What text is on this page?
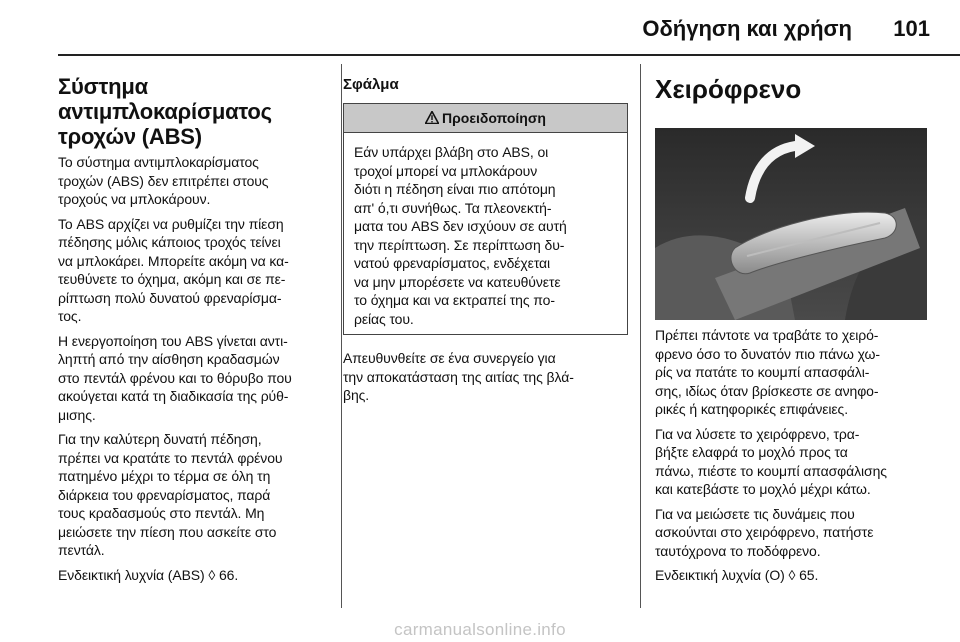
Οδήγηση και χρήση 101
Σύστημα αντιμπλοκαρίσματος τροχών (ABS)

Το σύστημα αντιμπλοκαρίσματος
τροχών (ABS) δεν επιτρέπει στους
τροχούς να μπλοκάρουν.

Το ABS αρχίζει να ρυθμίζει την πίεση
πέδησης μόλις κάποιος τροχός τείνει
να μπλοκάρει. Μπορείτε ακόμη να κα-
τευθύνετε το όχημα, ακόμη και σε πε-
ρίπτωση πολύ δυνατού φρεναρίσμα-
τος.

Η ενεργοποίηση του ABS γίνεται αντι-
ληπτή από την αίσθηση κραδασμών
στο πεντάλ φρένου και το θόρυβο που
ακούγεται κατά τη διαδικασία της ρύθ-
μισης.

Για την καλύτερη δυνατή πέδηση,
πρέπει να κρατάτε το πεντάλ φρένου
πατημένο μέχρι το τέρμα σε όλη τη
διάρκεια του φρεναρίσματος, παρά
τους κραδασμούς στο πεντάλ. Μη
μειώσετε την πίεση που ασκείτε στο
πεντάλ.

Ενδεικτική λυχνία (ABS) ◊ 66.

Σφάλμα
Προειδοποίηση

Εάν υπάρχει βλάβη στο ABS, οι
τροχοί μπορεί να μπλοκάρουν
διότι η πέδηση είναι πιο απότομη
απ' ό,τι συνήθως. Τα πλεονεκτή-
ματα του ABS δεν ισχύουν σε αυτή
την περίπτωση. Σε περίπτωση δυ-
νατού φρεναρίσματος, ενδέχεται
να μην μπορέσετε να κατευθύνετε
το όχημα και να εκτραπεί της πο-
ρείας του.

Απευθυνθείτε σε ένα συνεργείο για
την αποκατάσταση της αιτίας της βλά-
βης.

Χειρόφρενο

Πρέπει πάντοτε να τραβάτε το χειρό-
φρενο όσο το δυνατόν πιο πάνω χω-
ρίς να πατάτε το κουμπί απασφάλι-
σης, ιδίως όταν βρίσκεστε σε ανηφο-
ρικές ή κατηφορικές επιφάνειες.

Για να λύσετε το χειρόφρενο, τρα-
βήξτε ελαφρά το μοχλό προς τα
πάνω, πιέστε το κουμπί απασφάλισης
και κατεβάστε το μοχλό μέχρι κάτω.

Για να μειώσετε τις δυνάμεις που
ασκούνται στο χειρόφρενο, πατήστε
ταυτόχρονα το ποδόφρενο.

Ενδεικτική λυχνία (O) ◊ 65.

carmanualsonline.info
